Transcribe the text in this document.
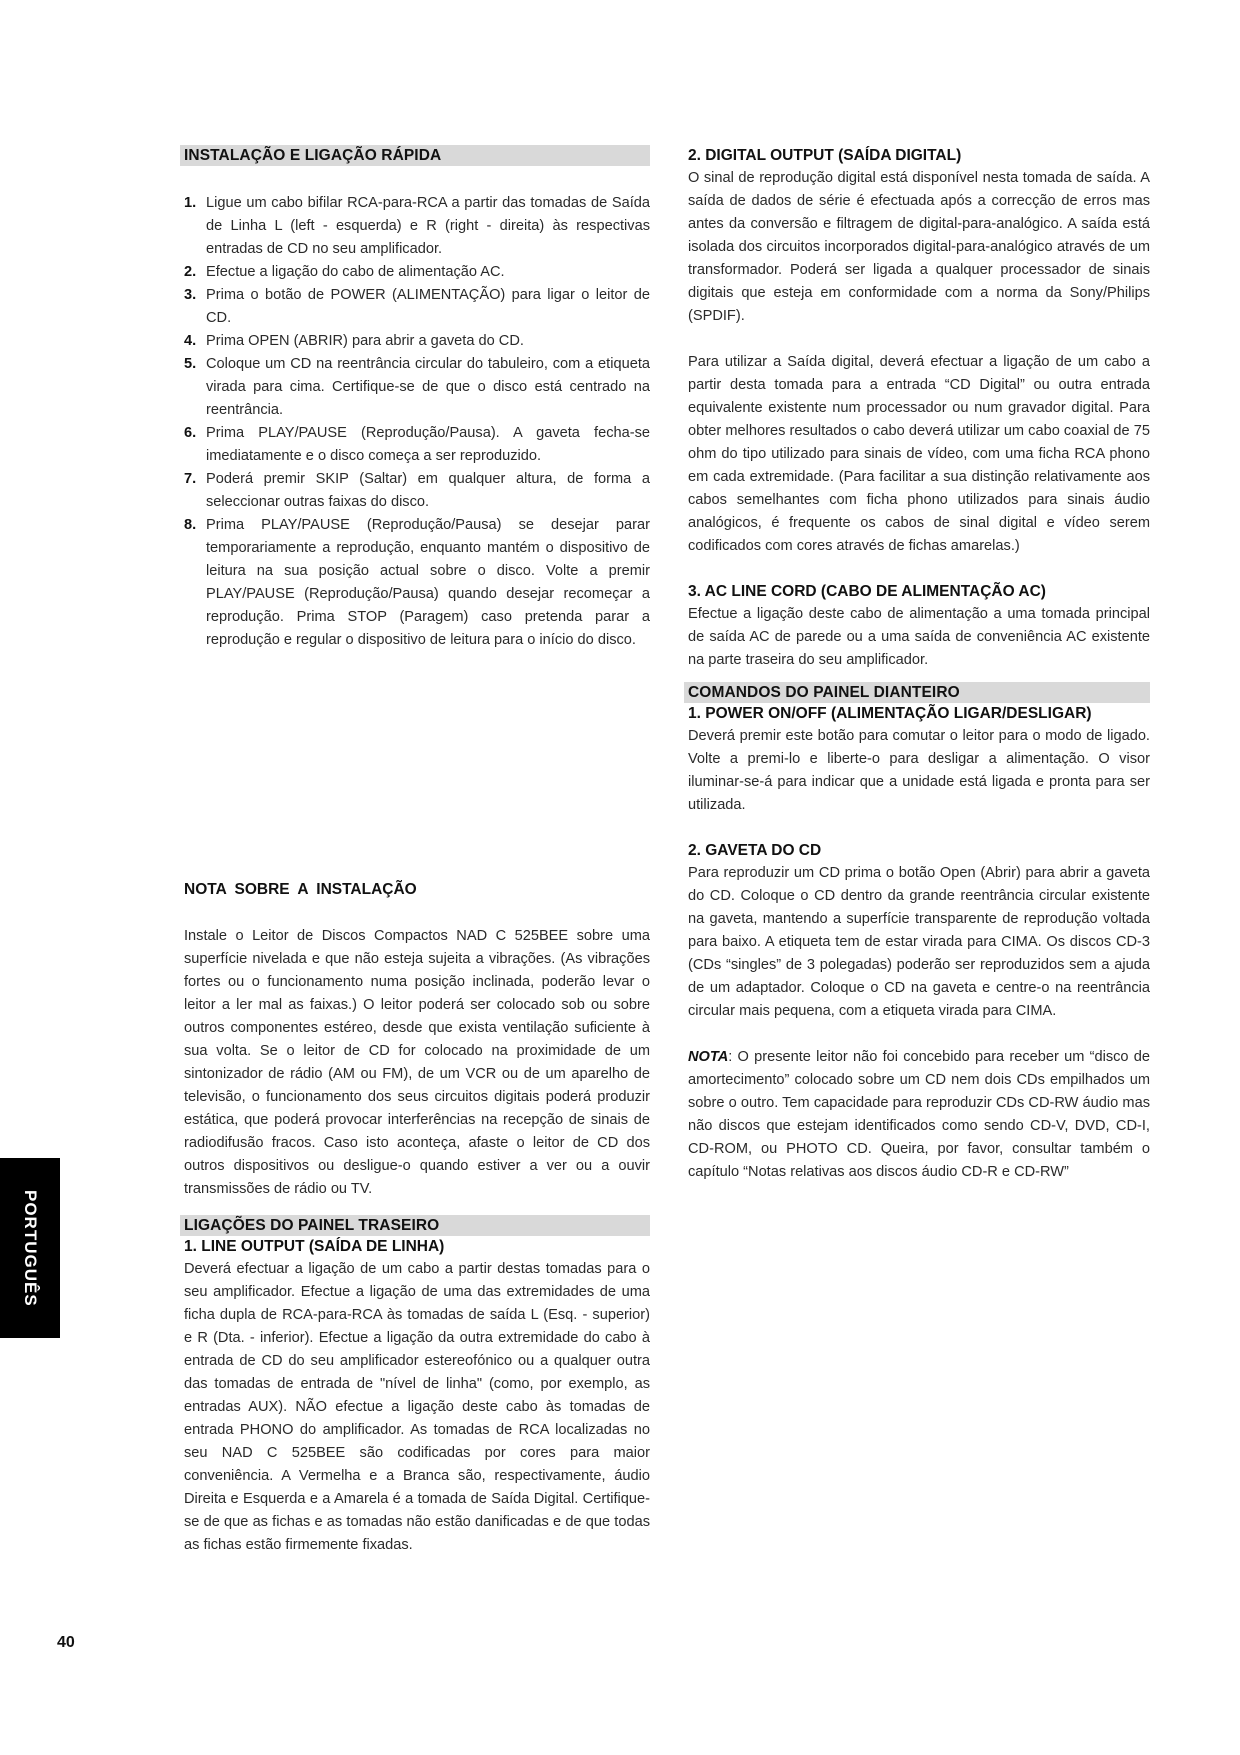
INSTALAÇÃO E LIGAÇÃO RÁPIDA
1. Ligue um cabo bifilar RCA-para-RCA a partir das tomadas de Saída de Linha L (left - esquerda) e R (right - direita) às respectivas entradas de CD no seu amplificador.
2. Efectue a ligação do cabo de alimentação AC.
3. Prima o botão de POWER (ALIMENTAÇÃO) para ligar o leitor de CD.
4. Prima OPEN (ABRIR) para abrir a gaveta do CD.
5. Coloque um CD na reentrância circular do tabuleiro, com a etiqueta virada para cima. Certifique-se de que o disco está centrado na reentrância.
6. Prima PLAY/PAUSE (Reprodução/Pausa). A gaveta fecha-se imediatamente e o disco começa a ser reproduzido.
7. Poderá premir SKIP (Saltar) em qualquer altura, de forma a seleccionar outras faixas do disco.
8. Prima PLAY/PAUSE (Reprodução/Pausa) se desejar parar temporariamente a reprodução, enquanto mantém o dispositivo de leitura na sua posição actual sobre o disco. Volte a premir PLAY/PAUSE (Reprodução/Pausa) quando desejar recomeçar a reprodução. Prima STOP (Paragem) caso pretenda parar a reprodução e regular o dispositivo de leitura para o início do disco.
NOTA SOBRE A INSTALAÇÃO
Instale o Leitor de Discos Compactos NAD C 525BEE sobre uma superfície nivelada e que não esteja sujeita a vibrações. (As vibrações fortes ou o funcionamento numa posição inclinada, poderão levar o leitor a ler mal as faixas.) O leitor poderá ser colocado sob ou sobre outros componentes estéreo, desde que exista ventilação suficiente à sua volta. Se o leitor de CD for colocado na proximidade de um sintonizador de rádio (AM ou FM), de um VCR ou de um aparelho de televisão, o funcionamento dos seus circuitos digitais poderá produzir estática, que poderá provocar interferências na recepção de sinais de radiodifusão fracos. Caso isto aconteça, afaste o leitor de CD dos outros dispositivos ou desligue-o quando estiver a ver ou a ouvir transmissões de rádio ou TV.
LIGAÇÕES DO PAINEL TRASEIRO
1. LINE OUTPUT (SAÍDA DE LINHA)
Deverá efectuar a ligação de um cabo a partir destas tomadas para o seu amplificador. Efectue a ligação de uma das extremidades de uma ficha dupla de RCA-para-RCA às tomadas de saída L (Esq. - superior) e R (Dta. - inferior). Efectue a ligação da outra extremidade do cabo à entrada de CD do seu amplificador estereofónico ou a qualquer outra das tomadas de entrada de "nível de linha" (como, por exemplo, as entradas AUX). NÃO efectue a ligação deste cabo às tomadas de entrada PHONO do amplificador. As tomadas de RCA localizadas no seu NAD C 525BEE são codificadas por cores para maior conveniência. A Vermelha e a Branca são, respectivamente, áudio Direita e Esquerda e a Amarela é a tomada de Saída Digital. Certifique-se de que as fichas e as tomadas não estão danificadas e de que todas as fichas estão firmemente fixadas.
2. DIGITAL OUTPUT (SAÍDA DIGITAL)
O sinal de reprodução digital está disponível nesta tomada de saída. A saída de dados de série é efectuada após a correcção de erros mas antes da conversão e filtragem de digital-para-analógico. A saída está isolada dos circuitos incorporados digital-para-analógico através de um transformador. Poderá ser ligada a qualquer processador de sinais digitais que esteja em conformidade com a norma da Sony/Philips (SPDIF).
Para utilizar a Saída digital, deverá efectuar a ligação de um cabo a partir desta tomada para a entrada “CD Digital” ou outra entrada equivalente existente num processador ou num gravador digital. Para obter melhores resultados o cabo deverá utilizar um cabo coaxial de 75 ohm do tipo utilizado para sinais de vídeo, com uma ficha RCA phono em cada extremidade. (Para facilitar a sua distinção relativamente aos cabos semelhantes com ficha phono utilizados para sinais áudio analógicos, é frequente os cabos de sinal digital e vídeo serem codificados com cores através de fichas amarelas.)
3. AC LINE CORD (CABO DE ALIMENTAÇÃO AC)
Efectue a ligação deste cabo de alimentação a uma tomada principal de saída AC de parede ou a uma saída de conveniência AC existente na parte traseira do seu amplificador.
COMANDOS DO PAINEL DIANTEIRO
1. POWER ON/OFF (ALIMENTAÇÃO LIGAR/DESLIGAR)
Deverá premir este botão para comutar o leitor para o modo de ligado. Volte a premi-lo e liberte-o para desligar a alimentação. O visor iluminar-se-á para indicar que a unidade está ligada e pronta para ser utilizada.
2. GAVETA DO CD
Para reproduzir um CD prima o botão Open (Abrir) para abrir a gaveta do CD. Coloque o CD dentro da grande reentrância circular existente na gaveta, mantendo a superfície transparente de reprodução voltada para baixo. A etiqueta tem de estar virada para CIMA. Os discos CD-3 (CDs “singles” de 3 polegadas) poderão ser reproduzidos sem a ajuda de um adaptador. Coloque o CD na gaveta e centre-o na reentrância circular mais pequena, com a etiqueta virada para CIMA.
NOTA: O presente leitor não foi concebido para receber um “disco de amortecimento” colocado sobre um CD nem dois CDs empilhados um sobre o outro. Tem capacidade para reproduzir CDs CD-RW áudio mas não discos que estejam identificados como sendo CD-V, DVD, CD-I, CD-ROM, ou PHOTO CD. Queira, por favor, consultar também o capítulo “Notas relativas aos discos áudio CD-R e CD-RW”
PORTUGUÊS
40
